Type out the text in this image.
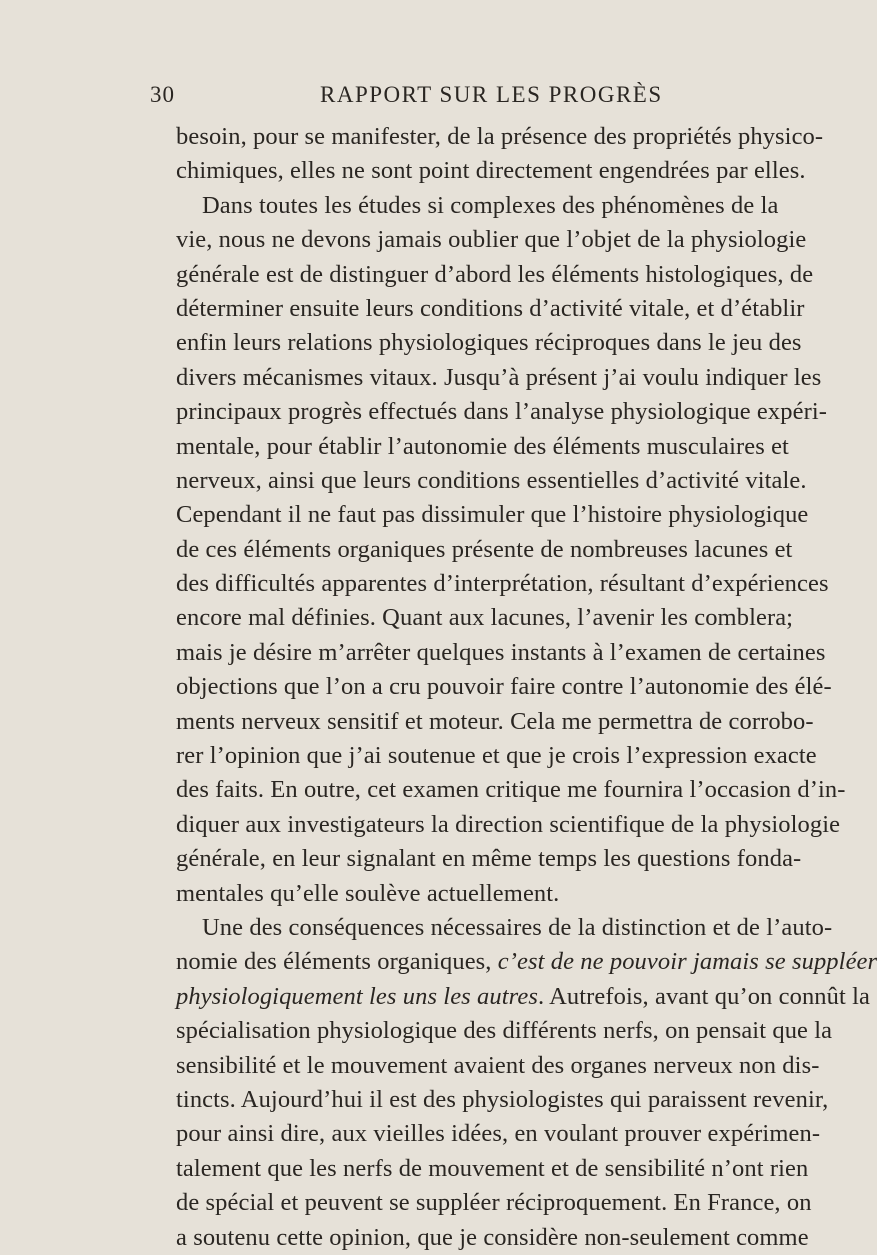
30	RAPPORT SUR LES PROGRÈS
besoin, pour se manifester, de la présence des propriétés physico-
chimiques, elles ne sont point directement engendrées par elles.
Dans toutes les études si complexes des phénomènes de la
vie, nous ne devons jamais oublier que l’objet de la physiologie
générale est de distinguer d’abord les éléments histologiques, de
déterminer ensuite leurs conditions d’activité vitale, et d’établir
enfin leurs relations physiologiques réciproques dans le jeu des
divers mécanismes vitaux. Jusqu’à présent j’ai voulu indiquer les
principaux progrès effectués dans l’analyse physiologique expéri-
mentale, pour établir l’autonomie des éléments musculaires et
nerveux, ainsi que leurs conditions essentielles d’activité vitale.
Cependant il ne faut pas dissimuler que l’histoire physiologique
de ces éléments organiques présente de nombreuses lacunes et
des difficultés apparentes d’interprétation, résultant d’expériences
encore mal définies. Quant aux lacunes, l’avenir les comblera;
mais je désire m’arrêter quelques instants à l’examen de certaines
objections que l’on a cru pouvoir faire contre l’autonomie des élé-
ments nerveux sensitif et moteur. Cela me permettra de corrobo-
rer l’opinion que j’ai soutenue et que je crois l’expression exacte
des faits. En outre, cet examen critique me fournira l’occasion d’in-
diquer aux investigateurs la direction scientifique de la physiologie
générale, en leur signalant en même temps les questions fonda-
mentales qu’elle soulève actuellement.
Une des conséquences nécessaires de la distinction et de l’auto-
nomie des éléments organiques, c’est de ne pouvoir jamais se suppléer
physiologiquement les uns les autres. Autrefois, avant qu’on connût la
spécialisation physiologique des différents nerfs, on pensait que la
sensibilité et le mouvement avaient des organes nerveux non dis-
tincts. Aujourd’hui il est des physiologistes qui paraissent revenir,
pour ainsi dire, aux vieilles idées, en voulant prouver expérimen-
talement que les nerfs de mouvement et de sensibilité n’ont rien
de spécial et peuvent se suppléer réciproquement. En France, on
a soutenu cette opinion, que je considère non-seulement comme
